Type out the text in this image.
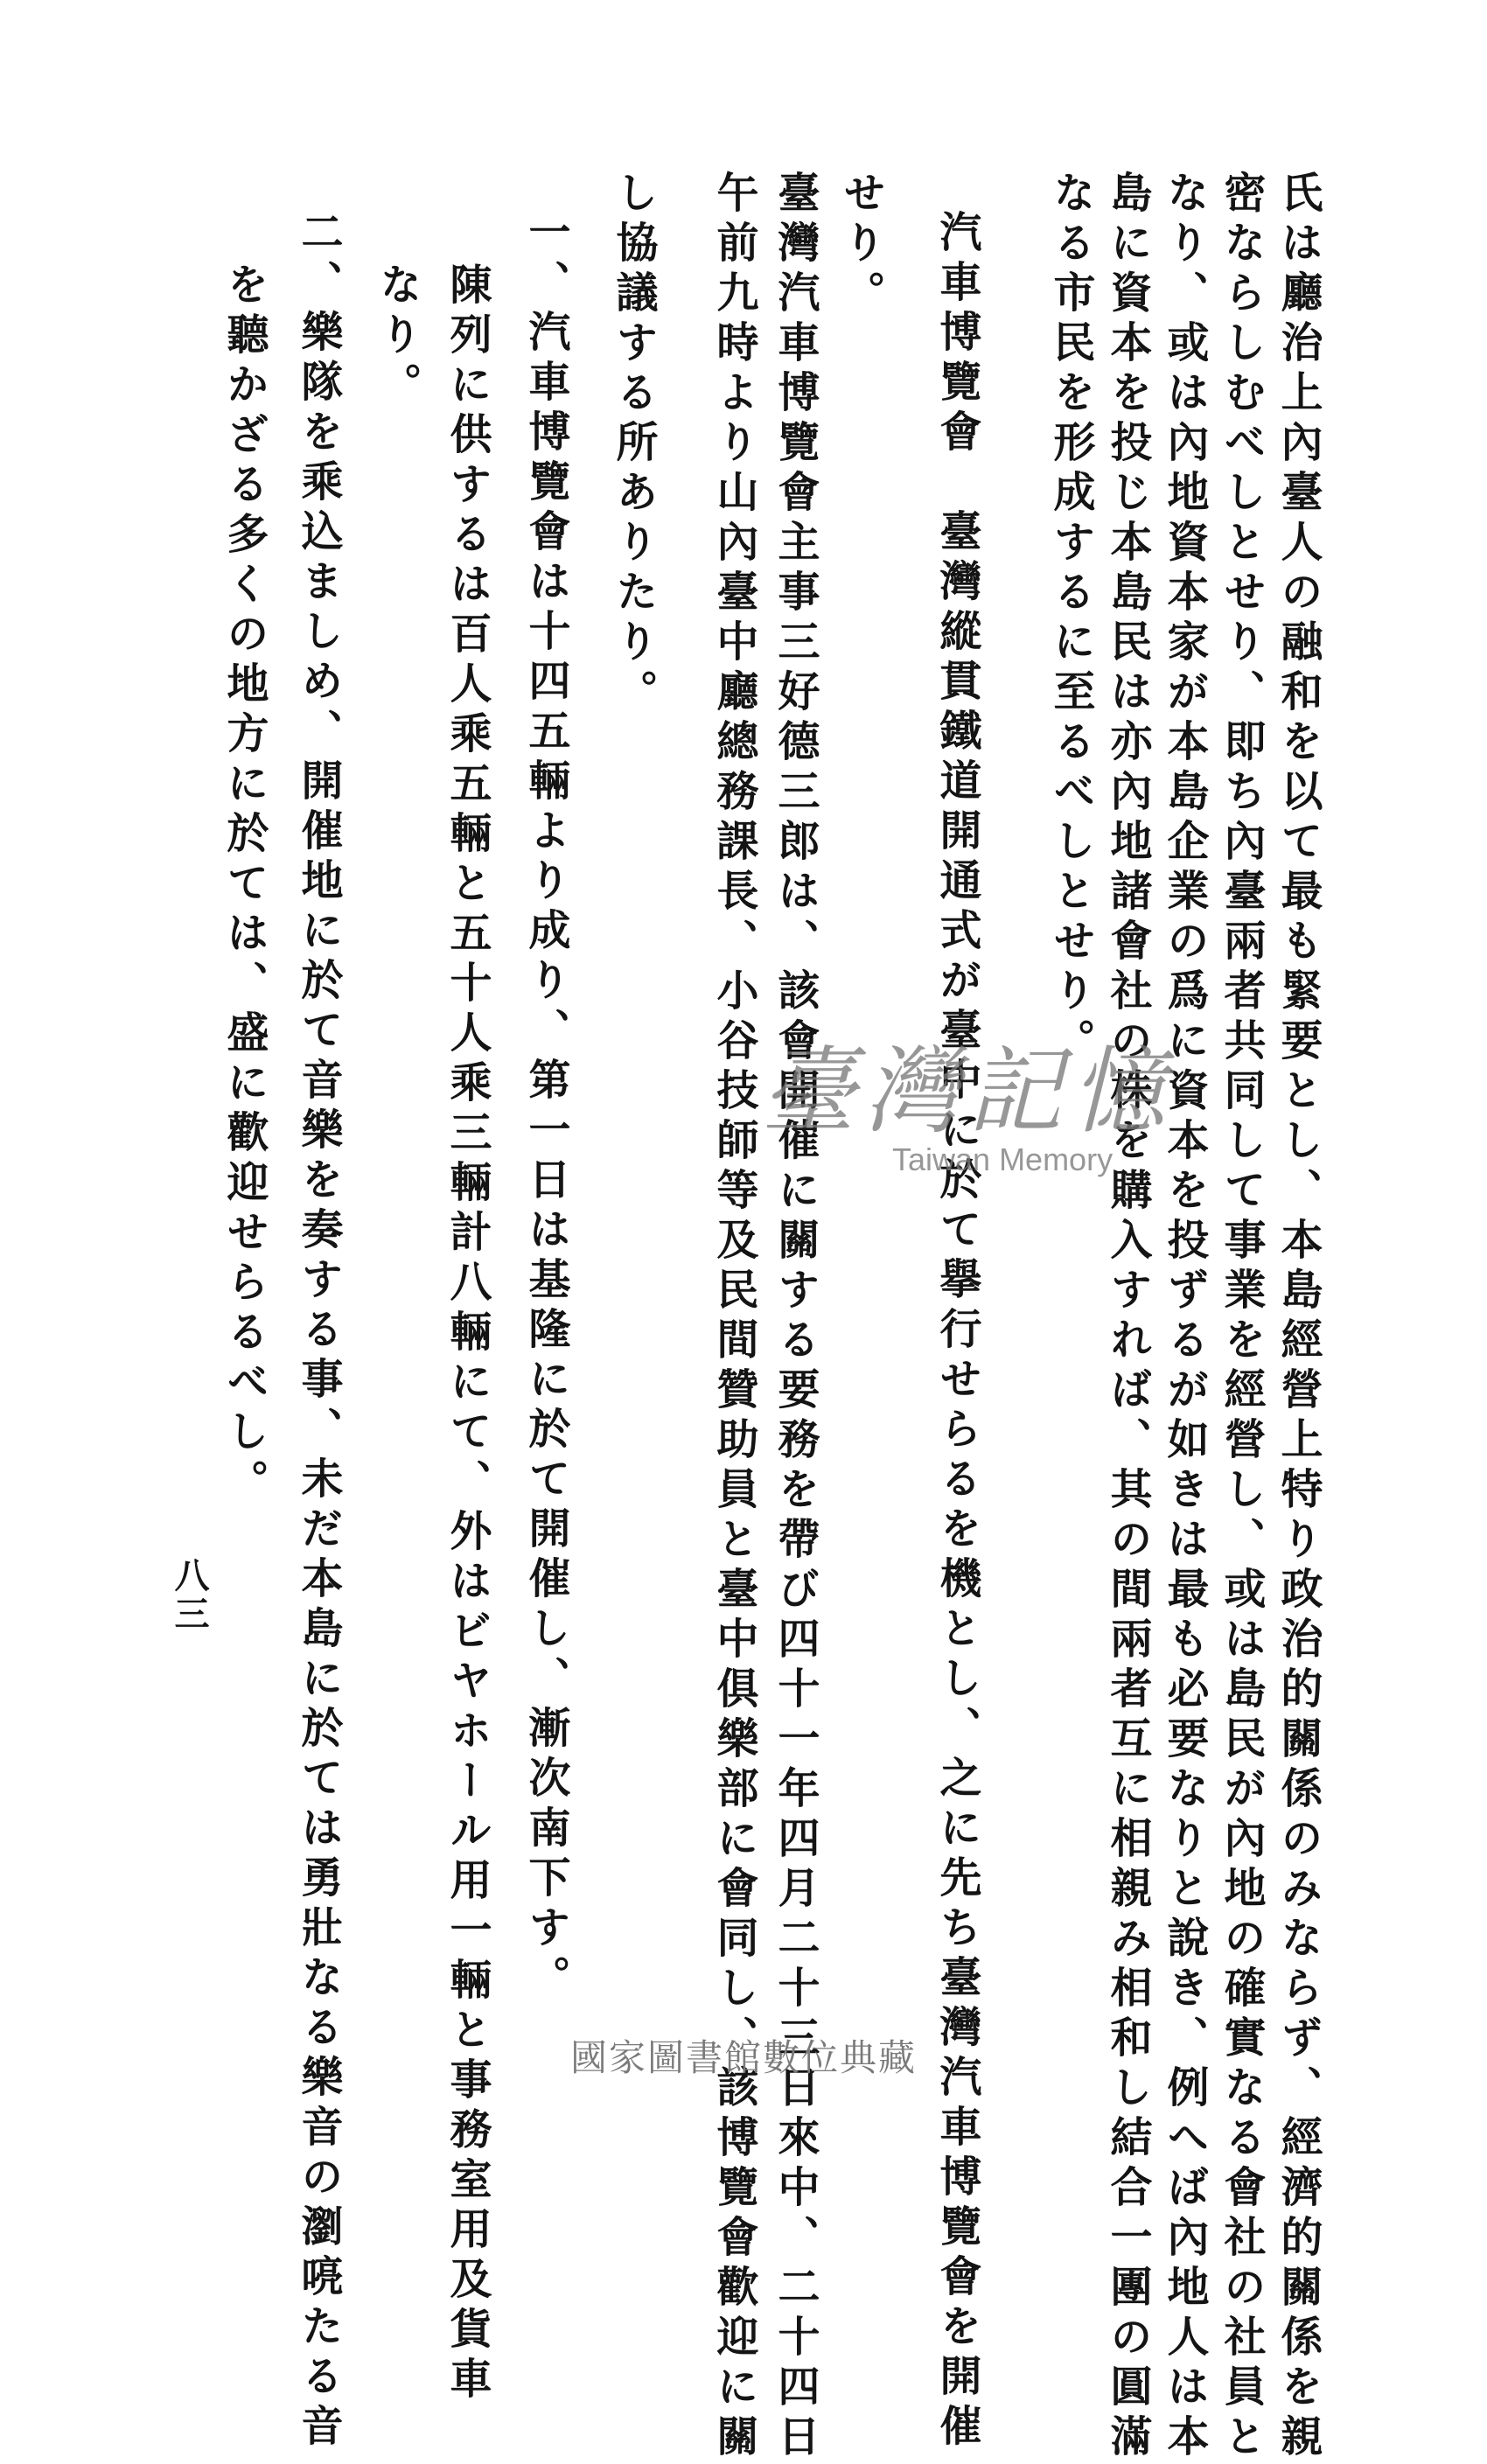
氏は廳治上內臺人の融和を以て最も緊要とし、本島經營上特り政治的關係のみならず、經濟的關係を親
密ならしむべしとせり、即ち內臺兩者共同して事業を經營し、或は島民が內地の確實なる會社の社員と
なり、或は內地資本家が本島企業の爲に資本を投ずるが如きは最も必要なりと說き、例へば內地人は本
島に資本を投じ本島民は亦內地諸會社の株を購入すれば、其の間兩者互に相親み相和し結合一團の圓滿
なる市民を形成するに至るべしとせり。
汽車博覽會　臺灣縱貫鐵道開通式が臺中に於て擧行せらるを機とし、之に先ち臺灣汽車博覽會を開催
せり。
臺灣汽車博覽會主事三好德三郎は、該會開催に關する要務を帶び四十一年四月二十三日來中、二十四日
午前九時より山內臺中廳總務課長、小谷技師等及民間贊助員と臺中俱樂部に會同し、該博覽會歡迎に關
し協議する所ありたり。
一、汽車博覽會は十四五輛より成り、第一日は基隆に於て開催し、漸次南下す。
陳列に供するは百人乘五輛と五十人乘三輛計八輛にて、外はビヤホール用一輛と事務室用及貨車
なり。
二、樂隊を乘込ましめ、開催地に於て音樂を奏する事、未だ本島に於ては勇壯なる樂音の瀏喨たる音
を聽かざる多くの地方に於ては、盛に歡迎せらるべし。
八三
臺灣記憶
Taiwan Memory
國家圖書館數位典藏
